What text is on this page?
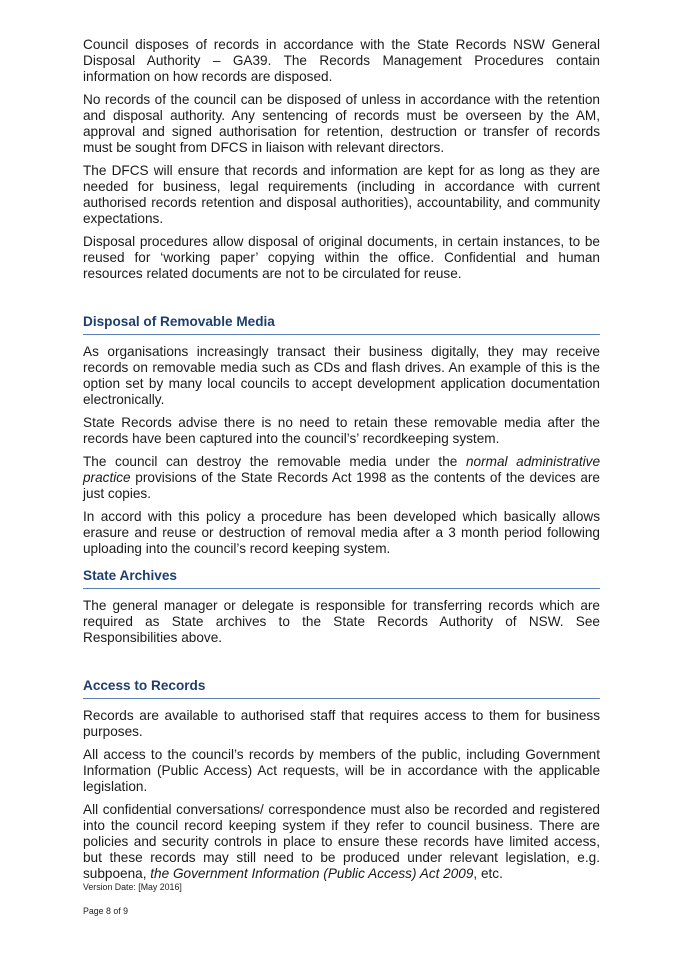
Council disposes of records in accordance with the State Records NSW General Disposal Authority – GA39. The Records Management Procedures contain information on how records are disposed.

No records of the council can be disposed of unless in accordance with the retention and disposal authority. Any sentencing of records must be overseen by the AM, approval and signed authorisation for retention, destruction or transfer of records must be sought from DFCS in liaison with relevant directors.

The DFCS will ensure that records and information are kept for as long as they are needed for business, legal requirements (including in accordance with current authorised records retention and disposal authorities), accountability, and community expectations.

Disposal procedures allow disposal of original documents, in certain instances, to be reused for ‘working paper’ copying within the office. Confidential and human resources related documents are not to be circulated for reuse.

Disposal of Removable Media

As organisations increasingly transact their business digitally, they may receive records on removable media such as CDs and flash drives. An example of this is the option set by many local councils to accept development application documentation electronically.

State Records advise there is no need to retain these removable media after the records have been captured into the council’s’ recordkeeping system.

The council can destroy the removable media under the normal administrative practice provisions of the State Records Act 1998 as the contents of the devices are just copies.

In accord with this policy a procedure has been developed which basically allows erasure and reuse or destruction of removal media after a 3 month period following uploading into the council’s record keeping system.

State Archives

The general manager or delegate is responsible for transferring records which are required as State archives to the State Records Authority of NSW. See Responsibilities above.

Access to Records

Records are available to authorised staff that requires access to them for business purposes.

All access to the council’s records by members of the public, including Government Information (Public Access) Act requests, will be in accordance with the applicable legislation.

All confidential conversations/ correspondence must also be recorded and registered into the council record keeping system if they refer to council business. There are policies and security controls in place to ensure these records have limited access, but these records may still need to be produced under relevant legislation, e.g. subpoena, the Government Information (Public Access) Act 2009, etc.

Version Date: [May 2016]
Page 8 of 9
